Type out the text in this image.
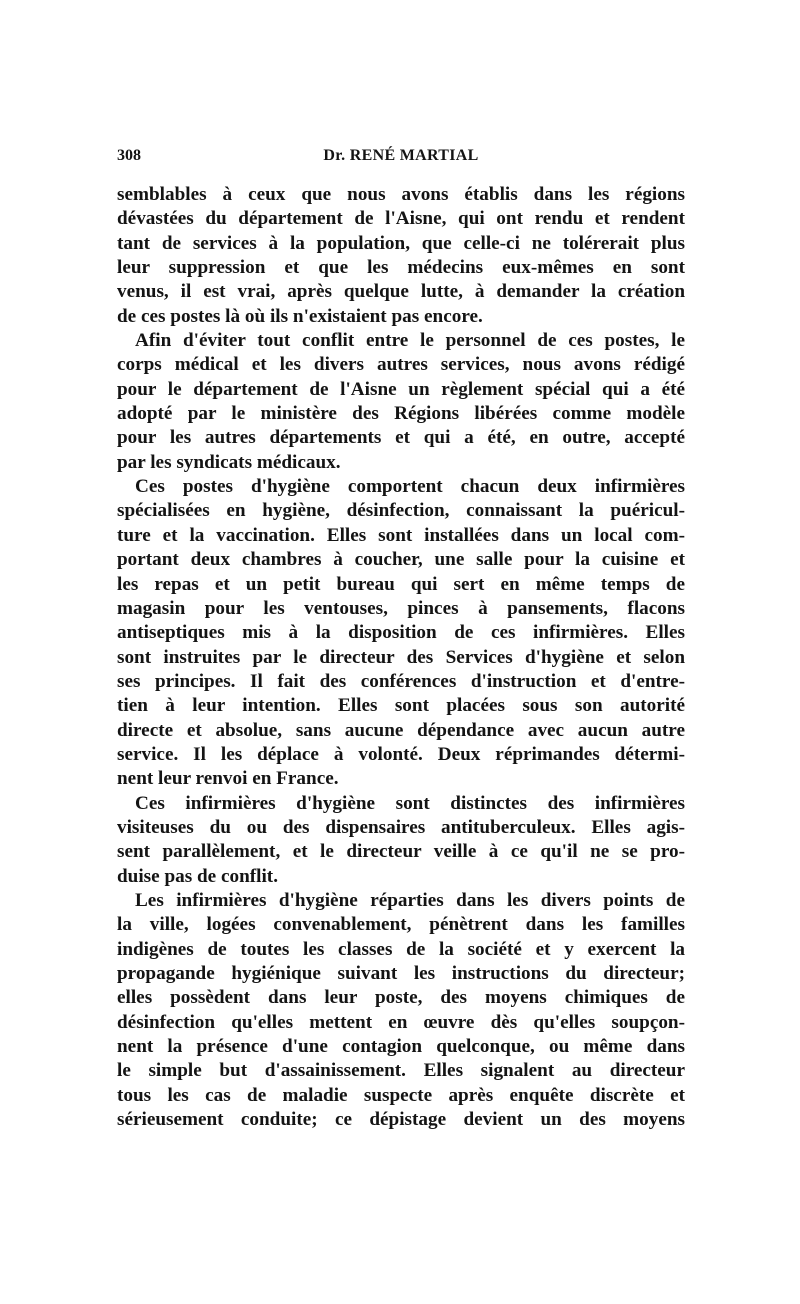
308	Dr. RENÉ MARTIAL
semblables à ceux que nous avons établis dans les régions
dévastées du département de l'Aisne, qui ont rendu et rendent
tant de services à la population, que celle-ci ne tolérerait plus
leur suppression et que les médecins eux-mêmes en sont
venus, il est vrai, après quelque lutte, à demander la création
de ces postes là où ils n'existaient pas encore.
Afin d'éviter tout conflit entre le personnel de ces postes, le
corps médical et les divers autres services, nous avons rédigé
pour le département de l'Aisne un règlement spécial qui a été
adopté par le ministère des Régions libérées comme modèle
pour les autres départements et qui a été, en outre, accepté
par les syndicats médicaux.
Ces postes d'hygiène comportent chacun deux infirmières
spécialisées en hygiène, désinfection, connaissant la puéricul-
ture et la vaccination. Elles sont installées dans un local com-
portant deux chambres à coucher, une salle pour la cuisine et
les repas et un petit bureau qui sert en même temps de
magasin pour les ventouses, pinces à pansements, flacons
antiseptiques mis à la disposition de ces infirmières. Elles
sont instruites par le directeur des Services d'hygiène et selon
ses principes. Il fait des conférences d'instruction et d'entre-
tien à leur intention. Elles sont placées sous son autorité
directe et absolue, sans aucune dépendance avec aucun autre
service. Il les déplace à volonté. Deux réprimandes détermi-
nent leur renvoi en France.
Ces infirmières d'hygiène sont distinctes des infirmières
visiteuses du ou des dispensaires antituberculeux. Elles agis-
sent parallèlement, et le directeur veille à ce qu'il ne se pro-
duise pas de conflit.
Les infirmières d'hygiène réparties dans les divers points de
la ville, logées convenablement, pénètrent dans les familles
indigènes de toutes les classes de la société et y exercent la
propagande hygiénique suivant les instructions du directeur;
elles possèdent dans leur poste, des moyens chimiques de
désinfection qu'elles mettent en œuvre dès qu'elles soupçon-
nent la présence d'une contagion quelconque, ou même dans
le simple but d'assainissement. Elles signalent au directeur
tous les cas de maladie suspecte après enquête discrète et
sérieusement conduite; ce dépistage devient un des moyens
